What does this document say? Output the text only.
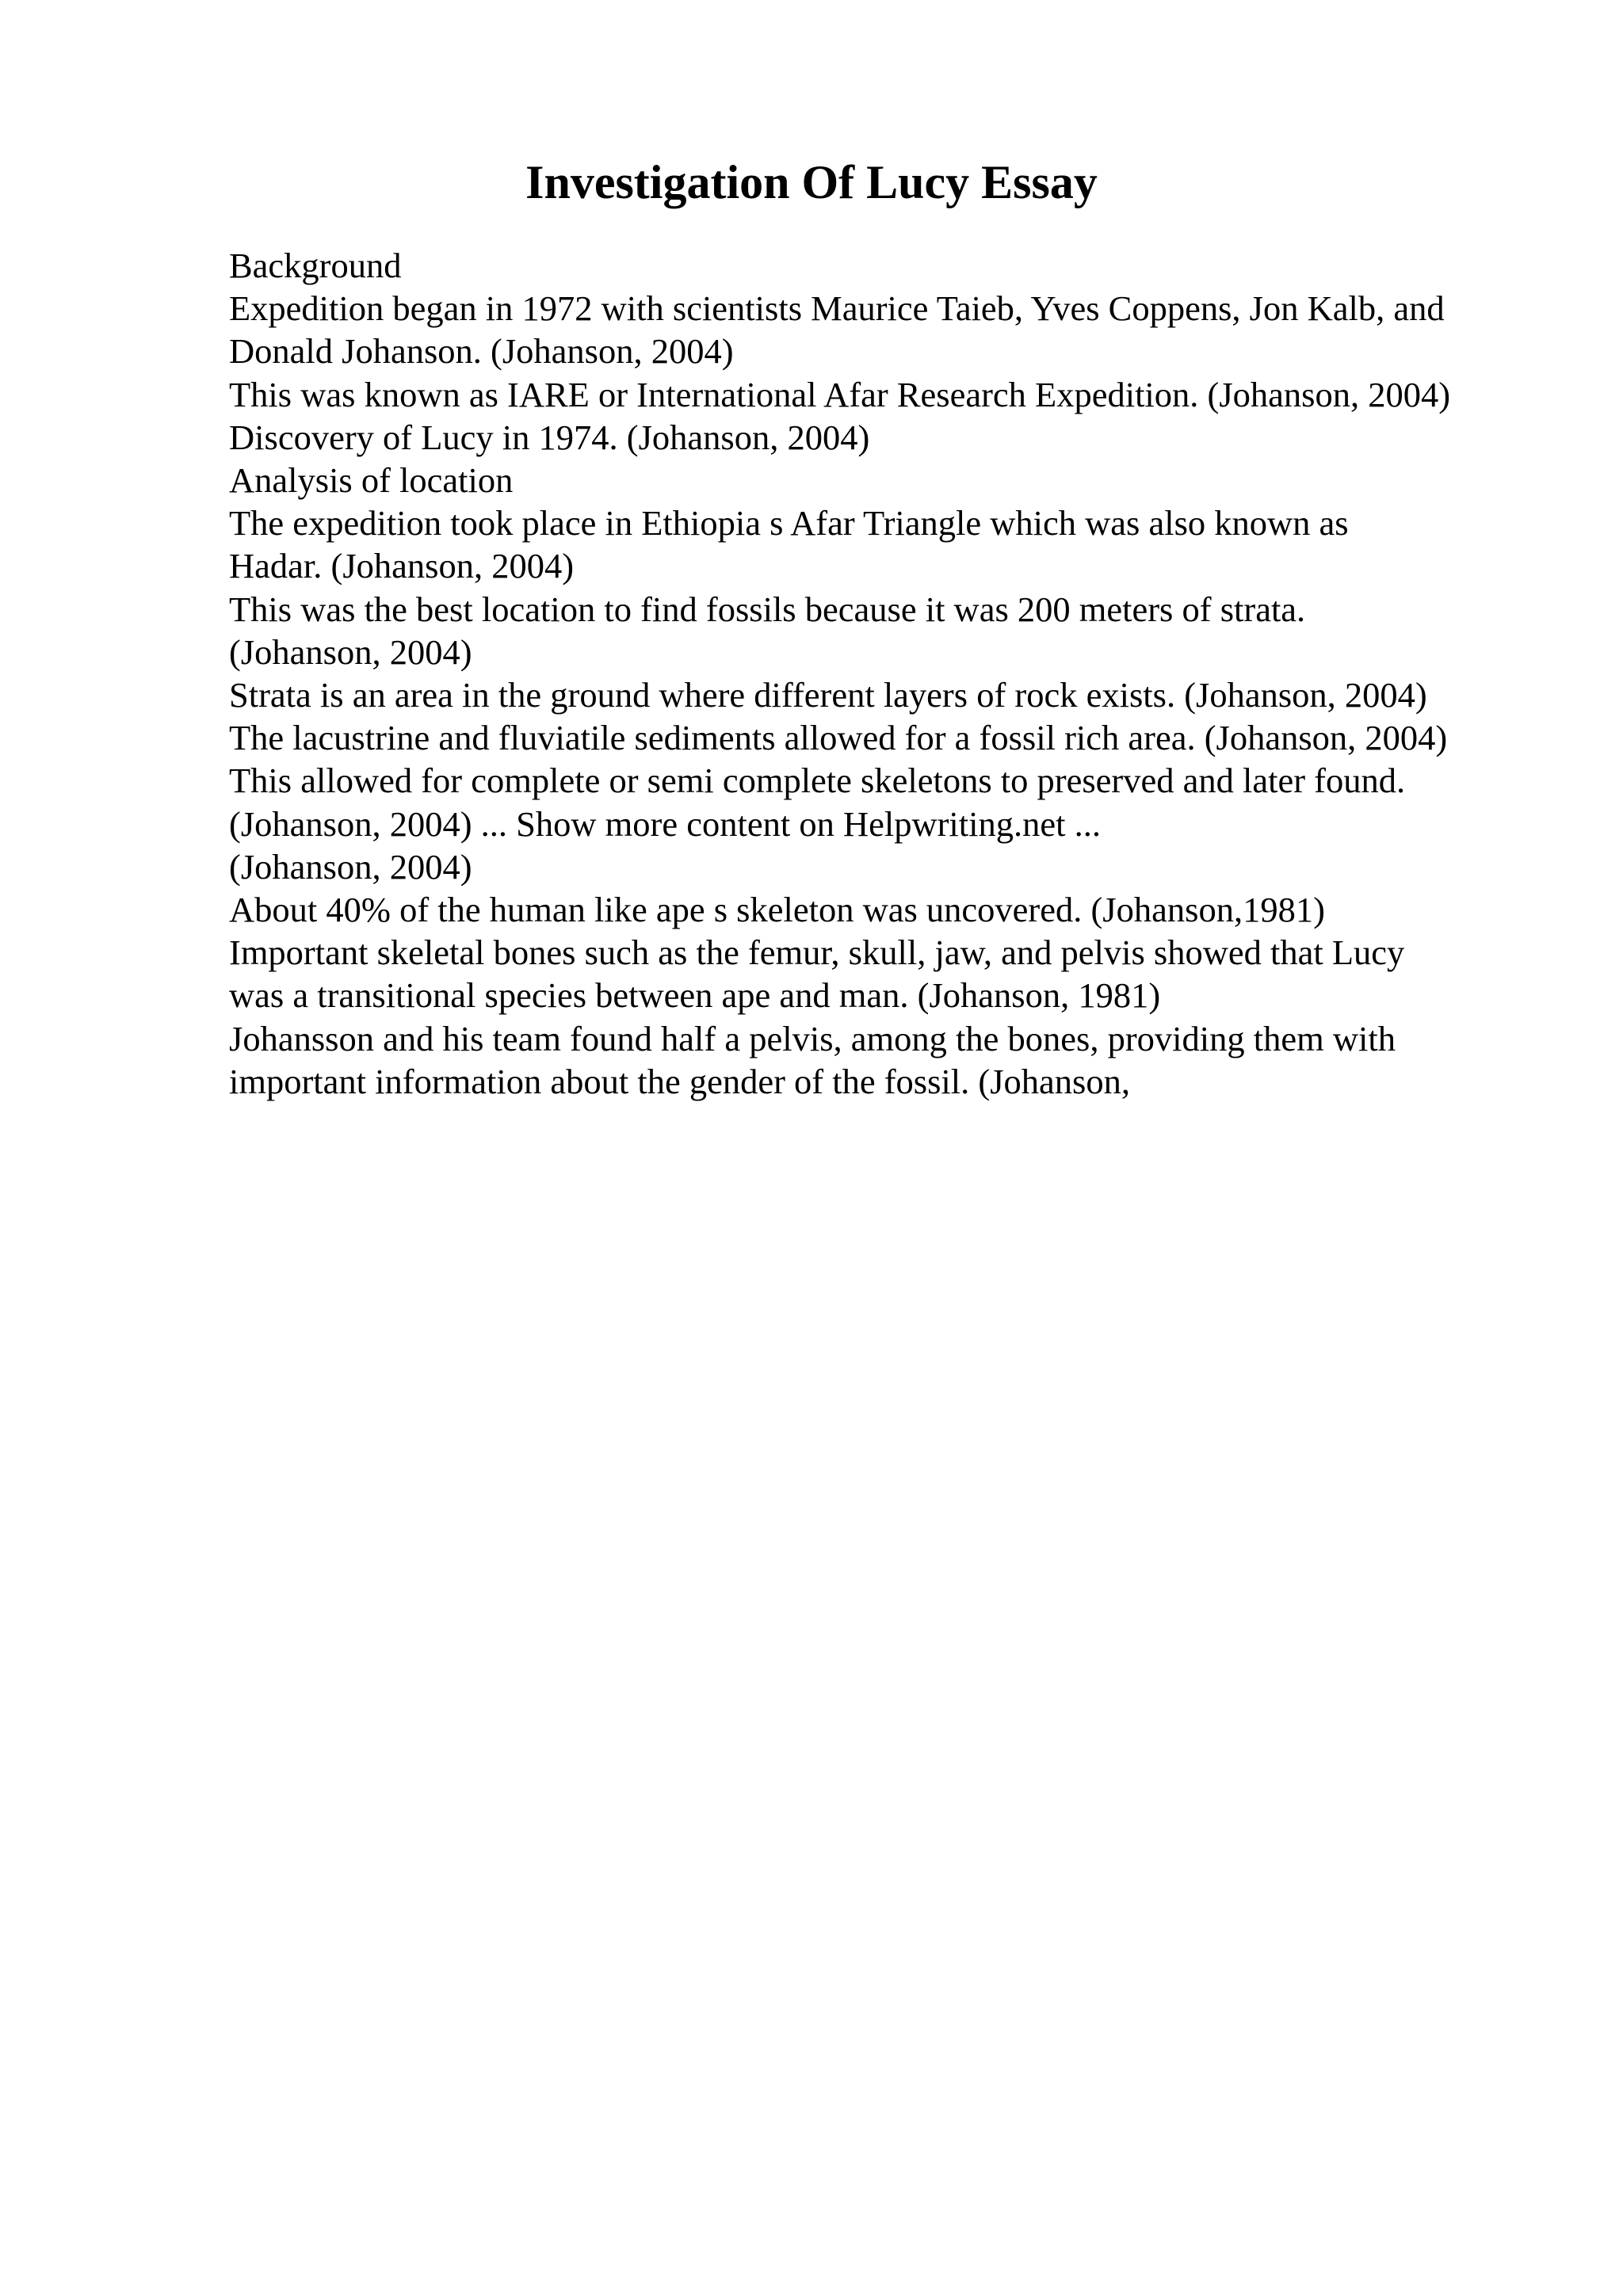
Investigation Of Lucy Essay
Background
Expedition began in 1972 with scientists Maurice Taieb, Yves Coppens, Jon Kalb, and
Donald Johanson. (Johanson, 2004)
This was known as IARE or International Afar Research Expedition. (Johanson, 2004)
Discovery of Lucy in 1974. (Johanson, 2004)
Analysis of location
The expedition took place in Ethiopia s Afar Triangle which was also known as
Hadar. (Johanson, 2004)
This was the best location to find fossils because it was 200 meters of strata.
(Johanson, 2004)
Strata is an area in the ground where different layers of rock exists. (Johanson, 2004)
The lacustrine and fluviatile sediments allowed for a fossil rich area. (Johanson, 2004)
This allowed for complete or semi complete skeletons to preserved and later found.
(Johanson, 2004) ... Show more content on Helpwriting.net ...
(Johanson, 2004)
About 40% of the human like ape s skeleton was uncovered. (Johanson,1981)
Important skeletal bones such as the femur, skull, jaw, and pelvis showed that Lucy
was a transitional species between ape and man. (Johanson, 1981)
Johansson and his team found half a pelvis, among the bones, providing them with
important information about the gender of the fossil. (Johanson,
